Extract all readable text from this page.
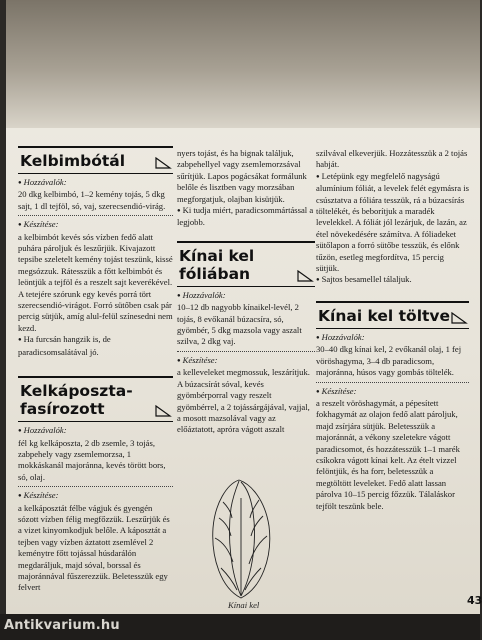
Kelbimbótál

● Hozzávalók:

20 dkg kelbimbó, 1–2 kemény tojás, 5 dkg sajt, 1 dl tejföl, só, vaj, szerecsendió-virág.

● Készítése:

a kelbimbót kevés sós vízben fedő alatt puhára pároljuk és leszűrjük. Kivajazott tepsibe szeletelt kemény tojást teszünk, kissé megsózzuk. Rátesszük a főtt kelbimbót és leöntjük a tejföl és a reszelt sajt keverékével. A tetejére szórunk egy kevés porrá tört szerecsendió-virágot. Forró sütőben csak pár percig sütjük, amíg alul-felül színesedni nem kezd.

● Ha furcsán hangzik is, de paradicsomsalátával jó.

Kelkáposzta-
fasírozott

● Hozzávalók:

fél kg kelkáposzta, 2 db zsemle, 3 tojás, zabpehely vagy zsemlemorzsa, 1 mokkáskanál majoránna, kevés törött bors, só, olaj.

● Készítése:

a kelkáposztát félbe vágjuk és gyengén sózott vízben félig megfőzzük. Leszűrjük és a vizet kinyomkodjuk belőle. A káposztát a tejben vagy vízben áztatott zsemlével 2 keménytre főtt tojással húsdarálón megdaráljuk, majd sóval, borssal és majoránnával fűszerezzük. Beletesszük egy felvert

nyers tojást, és ha bignak találjuk, zabpehellyel vagy zsemlemorzsával sűrítjük. Lapos pogácsákat formálunk belőle és lisztben vagy morzsában megforgatjuk, olajban kisütjük.

● Ki tudja miért, paradicsommártással a legjobb.

Kínai kel
fóliában

● Hozzávalók:

10–12 db nagyobb kínaikel-levél, 2 tojás, 8 evőkanál búzacsíra, só, gyömbér, 5 dkg mazsola vagy aszalt szilva, 2 dkg vaj.

● Készítése:

a kelleveleket megmossuk, leszárítjuk. A búzacsírát sóval, kevés gyömbérporral vagy reszelt gyömbérrel, a 2 tojássárgájával, vajjal, a mosott mazsolával vagy az előáztatott, apróra vágott aszalt

szilvával elkeverjük. Hozzátesszük a 2 tojás habját.

● Letépünk egy megfelelő nagyságú alumínium fóliát, a levelek felét egymásra is csúsztatva a fóliára tesszük, rá a búzacsírás töltelékét, és beborítjuk a maradék levelekkel. A fóliát jól lezárjuk, de lazán, az étel növekedésére számítva. A fóliadeket sütőlapon a forró sütőbe tesszük, és előnk tűzön, esetleg megfordítva, 15 percig sütjük.

● Sajtos besamellel tálaljuk.

Kínai kel töltve

● Hozzávalók:

30–40 dkg kínai kel, 2 evőkanál olaj, 1 fej vöröshagyma, 3–4 db paradicsom, majoránna, húsos vagy gombás töltelék.

● Készítése:

a reszelt vöröshagymát, a pépesített fokhagymát az olajon fedő alatt pároljuk, majd zsírjára sütjük. Beletesszük a majoránnát, a vékony szeletekre vágott paradicsomot, és hozzátesszük 1–1 marék csíkokra vágott kínai kelt. Az ételt vizzel felöntjük, és ha forr, beletesszük a megtöltött leveleket. Fedő alatt lassan párolva 10–15 percig főzzük. Tálaláskor tejfölt teszünk bele.

Kínai kel	43
Antikvarium.hu
